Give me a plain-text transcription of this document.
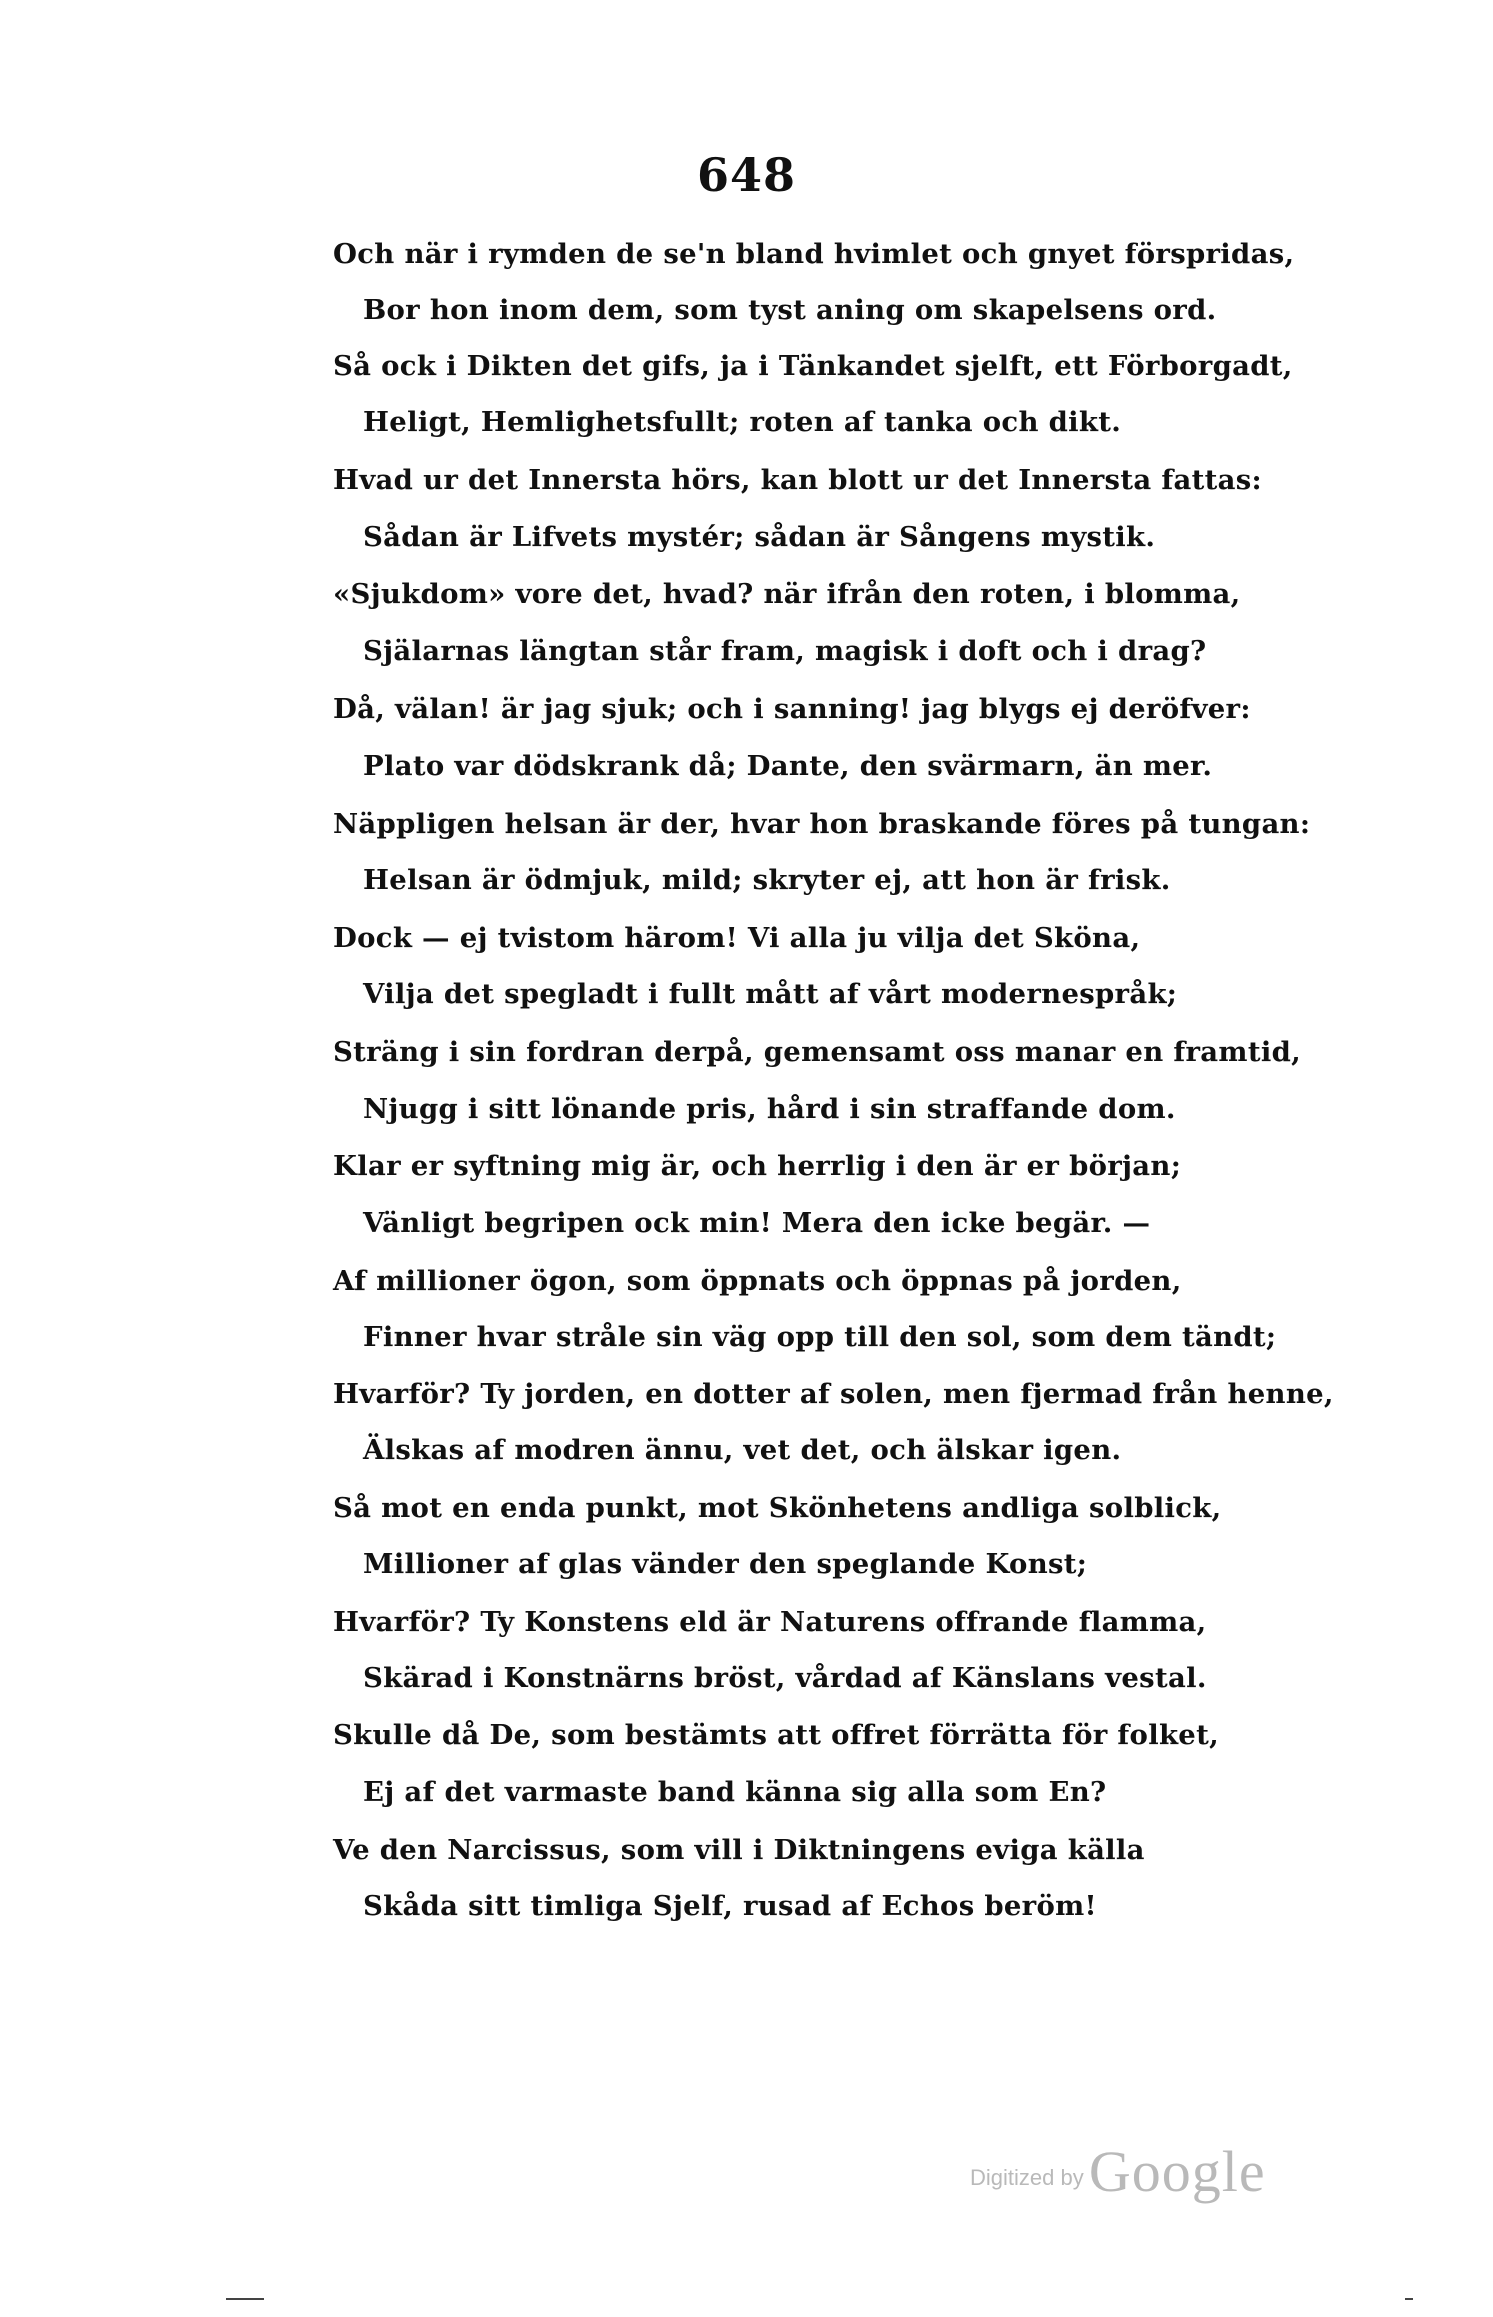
648
Och när i rymden de se'n bland hvimlet och gnyet förspridas,
Bor hon inom dem, som tyst aning om skapelsens ord.
Så ock i Dikten det gifs, ja i Tänkandet sjelft, ett Förborgadt,
Heligt, Hemlighetsfullt; roten af tanka och dikt.
Hvad ur det Innersta hörs, kan blott ur det Innersta fattas:
Sådan är Lifvets mystér; sådan är Sångens mystik.
«Sjukdom» vore det, hvad? när ifrån den roten, i blomma,
Själarnas längtan står fram, magisk i doft och i drag?
Då, välan! är jag sjuk; och i sanning! jag blygs ej deröfver:
Plato var dödskrank då; Dante, den svärmarn, än mer.
Näppligen helsan är der, hvar hon braskande föres på tungan:
Helsan är ödmjuk, mild; skryter ej, att hon är frisk.
Dock — ej tvistom härom! Vi alla ju vilja det Sköna,
Vilja det spegladt i fullt mått af vårt modernespråk;
Sträng i sin fordran derpå, gemensamt oss manar en framtid,
Njugg i sitt lönande pris, hård i sin straffande dom.
Klar er syftning mig är, och herrlig i den är er början;
Vänligt begripen ock min! Mera den icke begär. —
Af millioner ögon, som öppnats och öppnas på jorden,
Finner hvar stråle sin väg opp till den sol, som dem tändt;
Hvarför? Ty jorden, en dotter af solen, men fjermad från henne,
Älskas af modren ännu, vet det, och älskar igen.
Så mot en enda punkt, mot Skönhetens andliga solblick,
Millioner af glas vänder den speglande Konst;
Hvarför? Ty Konstens eld är Naturens offrande flamma,
Skärad i Konstnärns bröst, vårdad af Känslans vestal.
Skulle då De, som bestämts att offret förrätta för folket,
Ej af det varmaste band känna sig alla som En?
Ve den Narcissus, som vill i Diktningens eviga källa
Skåda sitt timliga Sjelf, rusad af Echos beröm!
Digitized by Google
